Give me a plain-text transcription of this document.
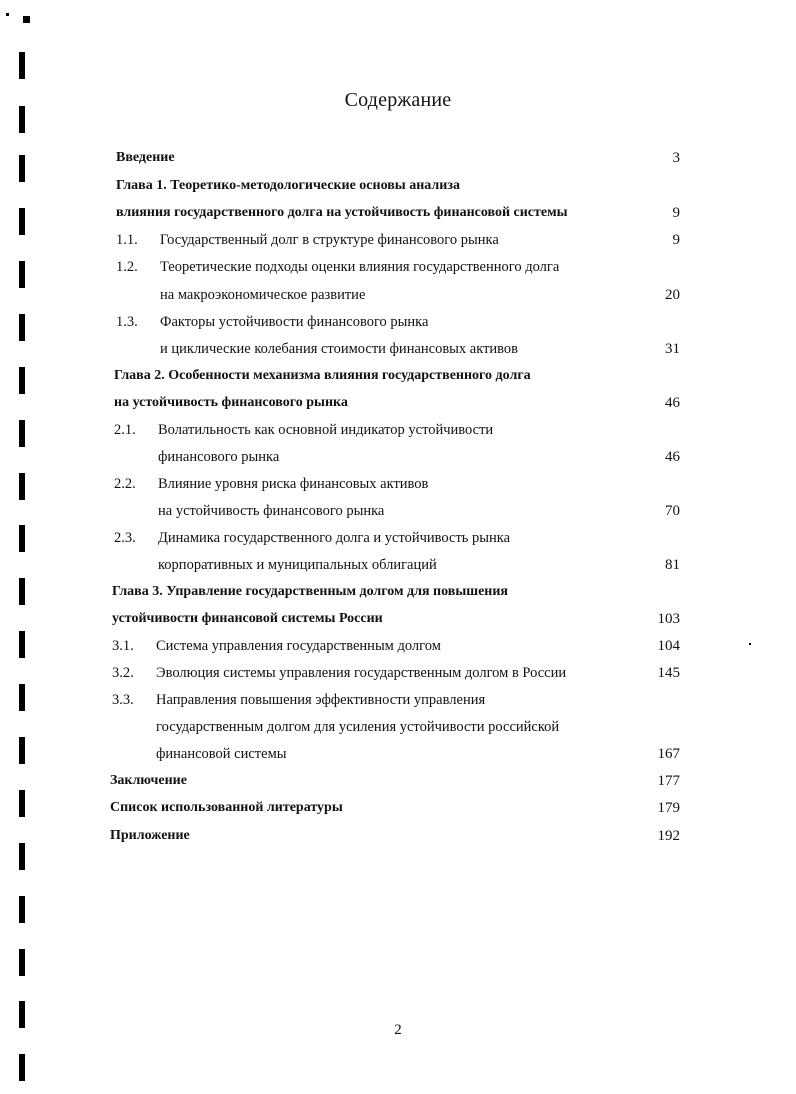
Содержание
Введение	3
Глава 1. Теоретико-методологические основы анализа
влияния государственного долга на устойчивость финансовой системы	9
1.1. Государственный долг в структуре финансового рынка	9
1.2. Теоретические подходы оценки влияния государственного долга
на макроэкономическое развитие	20
1.3. Факторы устойчивости финансового рынка
и циклические колебания стоимости финансовых активов	31
Глава 2. Особенности механизма влияния государственного долга
на устойчивость финансового рынка	46
2.1. Волатильность как основной индикатор устойчивости
финансового рынка	46
2.2. Влияние уровня риска финансовых активов
на устойчивость финансового рынка	70
2.3. Динамика государственного долга и устойчивость рынка
корпоративных и муниципальных облигаций	81
Глава 3. Управление государственным долгом для повышения
устойчивости финансовой системы России	103
3.1. Система управления государственным долгом	104
3.2. Эволюция системы управления государственным долгом в России	145
3.3. Направления повышения эффективности управления
государственным долгом для усиления устойчивости российской
финансовой системы	167
Заключение	177
Список использованной литературы	179
Приложение	192
2
